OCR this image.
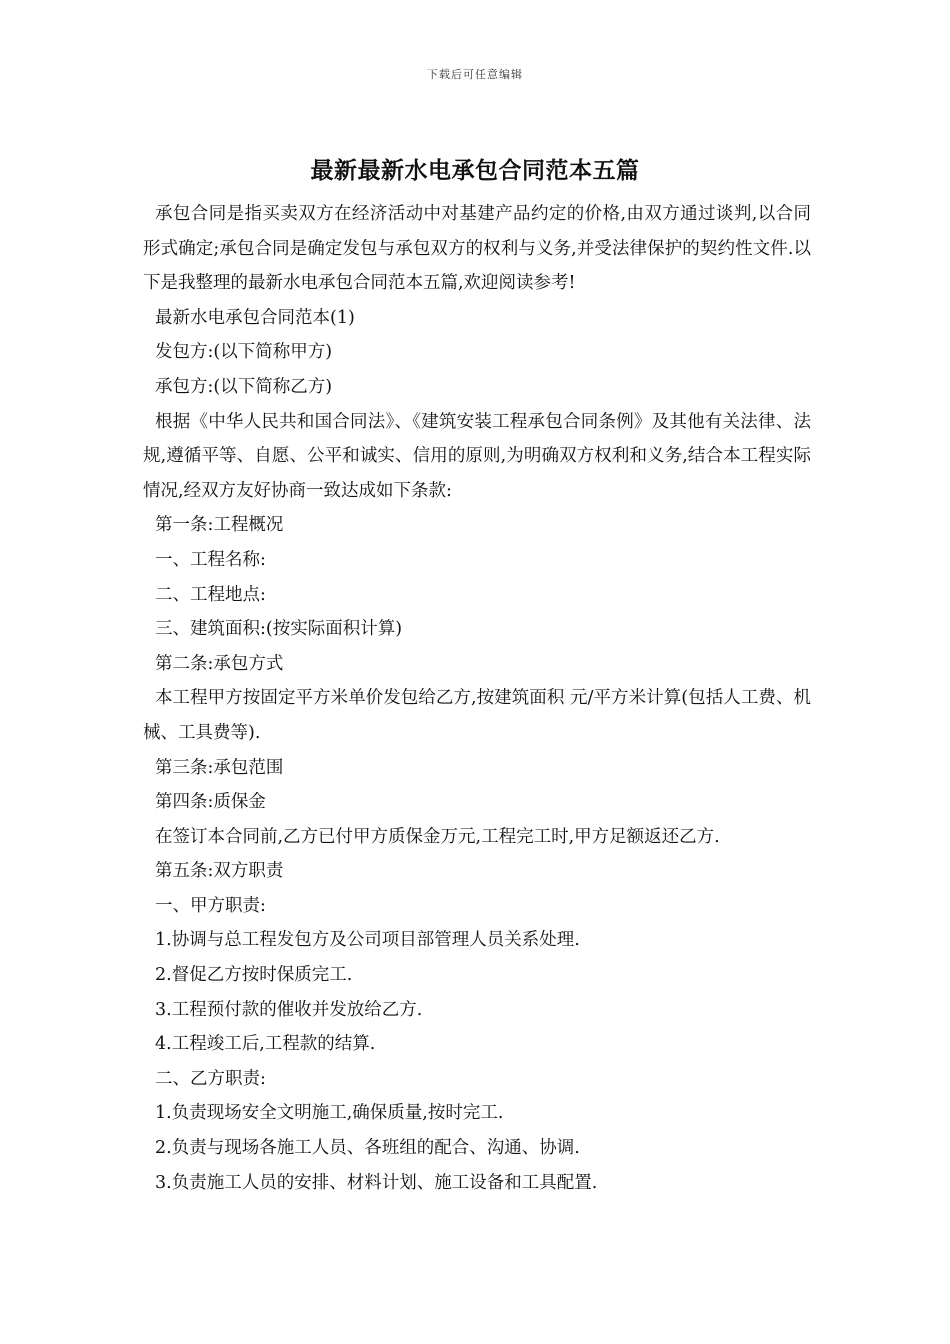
下载后可任意编辑
最新最新水电承包合同范本五篇

承包合同是指买卖双方在经济活动中对基建产品约定的价格,由双方通过谈判,以合同形式确定;承包合同是确定发包与承包双方的权利与义务,并受法律保护的契约性文件.以下是我整理的最新水电承包合同范本五篇,欢迎阅读参考!

最新水电承包合同范本(1)

发包方:(以下简称甲方)

承包方:(以下简称乙方)

根据《中华人民共和国合同法》、《建筑安装工程承包合同条例》及其他有关法律、法规,遵循平等、自愿、公平和诚实、信用的原则,为明确双方权利和义务,结合本工程实际情况,经双方友好协商一致达成如下条款:

第一条:工程概况

一、工程名称:

二、工程地点:

三、建筑面积:(按实际面积计算)

第二条:承包方式

本工程甲方按固定平方米单价发包给乙方,按建筑面积 元/平方米计算(包括人工费、机械、工具费等).

第三条:承包范围

第四条:质保金

在签订本合同前,乙方已付甲方质保金万元,工程完工时,甲方足额返还乙方.

第五条:双方职责

一、甲方职责:

1.协调与总工程发包方及公司项目部管理人员关系处理.

2.督促乙方按时保质完工.

3.工程预付款的催收并发放给乙方.

4.工程竣工后,工程款的结算.

二、乙方职责:

1.负责现场安全文明施工,确保质量,按时完工.

2.负责与现场各施工人员、各班组的配合、沟通、协调.

3.负责施工人员的安排、材料计划、施工设备和工具配置.
